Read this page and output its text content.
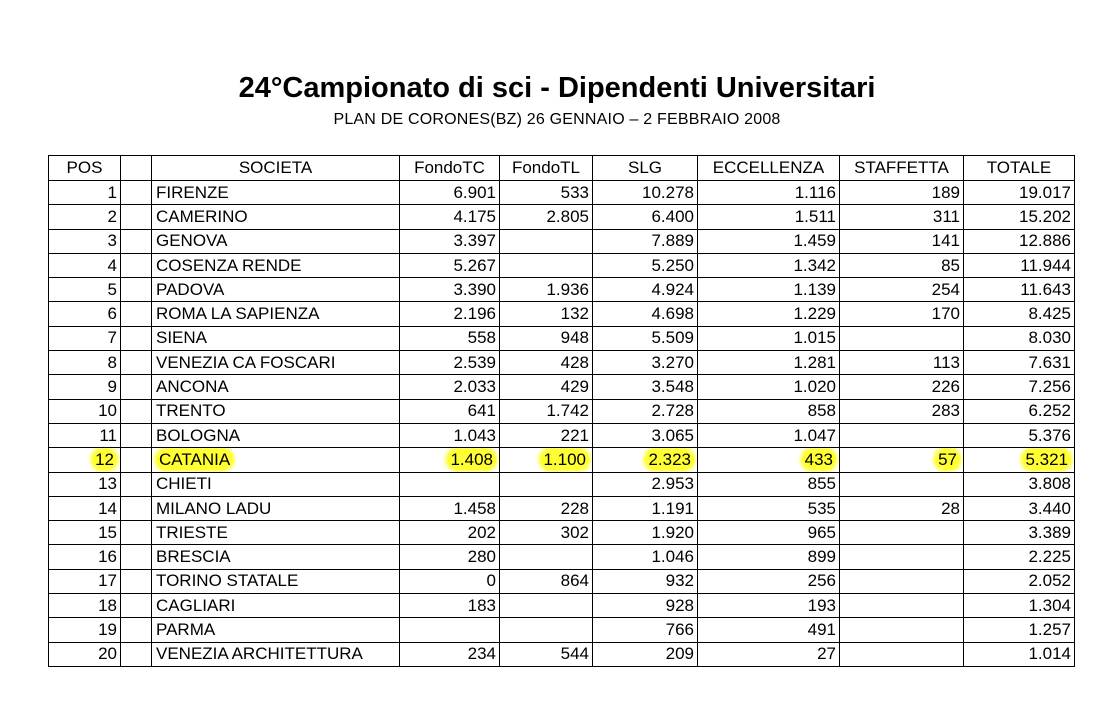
24°Campionato di sci - Dipendenti Universitari
PLAN DE CORONES(BZ) 26 GENNAIO – 2 FEBBRAIO 2008
POS		SOCIETA	FondoTC	FondoTL	SLG	ECCELLENZA	STAFFETTA	TOTALE
1		FIRENZE	6.901	533	10.278	1.116	189	19.017
2		CAMERINO	4.175	2.805	6.400	1.511	311	15.202
3		GENOVA	3.397		7.889	1.459	141	12.886
4		COSENZA RENDE	5.267		5.250	1.342	85	11.944
5		PADOVA	3.390	1.936	4.924	1.139	254	11.643
6		ROMA LA SAPIENZA	2.196	132	4.698	1.229	170	8.425
7		SIENA	558	948	5.509	1.015		8.030
8		VENEZIA CA FOSCARI	2.539	428	3.270	1.281	113	7.631
9		ANCONA	2.033	429	3.548	1.020	226	7.256
10		TRENTO	641	1.742	2.728	858	283	6.252
11		BOLOGNA	1.043	221	3.065	1.047		5.376
12		CATANIA	1.408	1.100	2.323	433	57	5.321
13		CHIETI			2.953	855		3.808
14		MILANO LADU	1.458	228	1.191	535	28	3.440
15		TRIESTE	202	302	1.920	965		3.389
16		BRESCIA	280		1.046	899		2.225
17		TORINO STATALE	0	864	932	256		2.052
18		CAGLIARI	183		928	193		1.304
19		PARMA			766	491		1.257
20		VENEZIA ARCHITETTURA	234	544	209	27		1.014
